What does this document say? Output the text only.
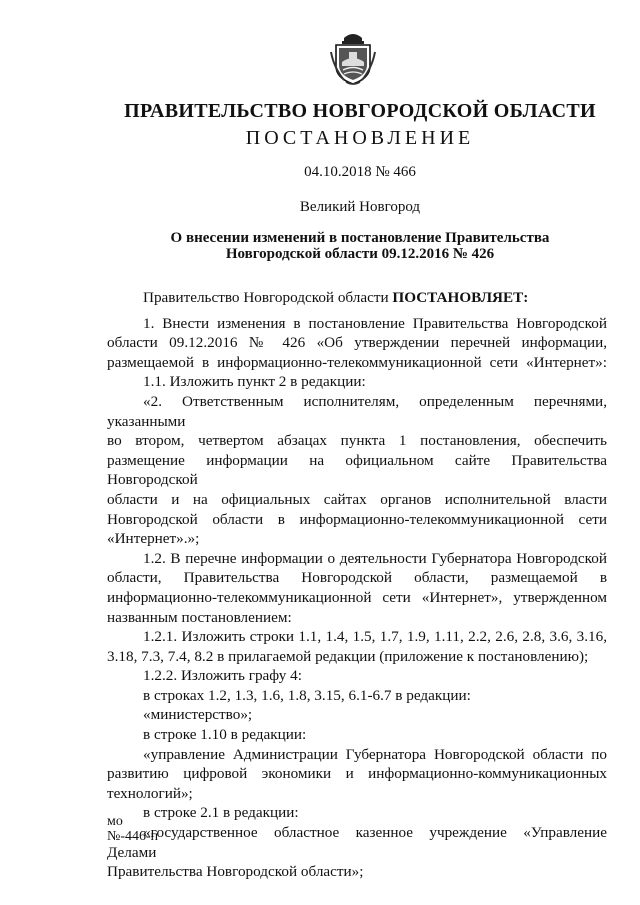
ПРАВИТЕЛЬСТВО НОВГОРОДСКОЙ ОБЛАСТИ
ПОСТАНОВЛЕНИЕ
04.10.2018 № 466
Великий Новгород
О внесении изменений в постановление Правительства
Новгородской области 09.12.2016 № 426

Правительство Новгородской области ПОСТАНОВЛЯЕТ:

1. Внести изменения в постановление Правительства Новгородской

области 09.12.2016 № 426 «Об утверждении перечней информации,

размещаемой в информационно-телекоммуникационной сети «Интернет»:

1.1. Изложить пункт 2 в редакции:

«2. Ответственным исполнителям, определенным перечнями, указанными

во втором, четвертом абзацах пункта 1 постановления, обеспечить

размещение информации на официальном сайте Правительства Новгородской

области и на официальных сайтах органов исполнительной власти

Новгородской области в информационно-телекоммуникационной сети

«Интернет».»;

1.2. В перечне информации о деятельности Губернатора Новгородской

области, Правительства Новгородской области, размещаемой в

информационно-телекоммуникационной сети «Интернет», утвержденном

названным постановлением:

1.2.1. Изложить строки 1.1, 1.4, 1.5, 1.7, 1.9, 1.11, 2.2, 2.6, 2.8, 3.6, 3.16,

3.18, 7.3, 7.4, 8.2 в прилагаемой редакции (приложение к постановлению);

1.2.2. Изложить графу 4:

в строках 1.2, 1.3, 1.6, 1.8, 3.15, 6.1-6.7 в редакции:

«министерство»;

в строке 1.10 в редакции:

«управление Администрации Губернатора Новгородской области по

развитию цифровой экономики и информационно-коммуникационных

технологий»;

в строке 2.1 в редакции:

«государственное областное казенное учреждение «Управление Делами

Правительства Новгородской области»;

мо
№-446-п
